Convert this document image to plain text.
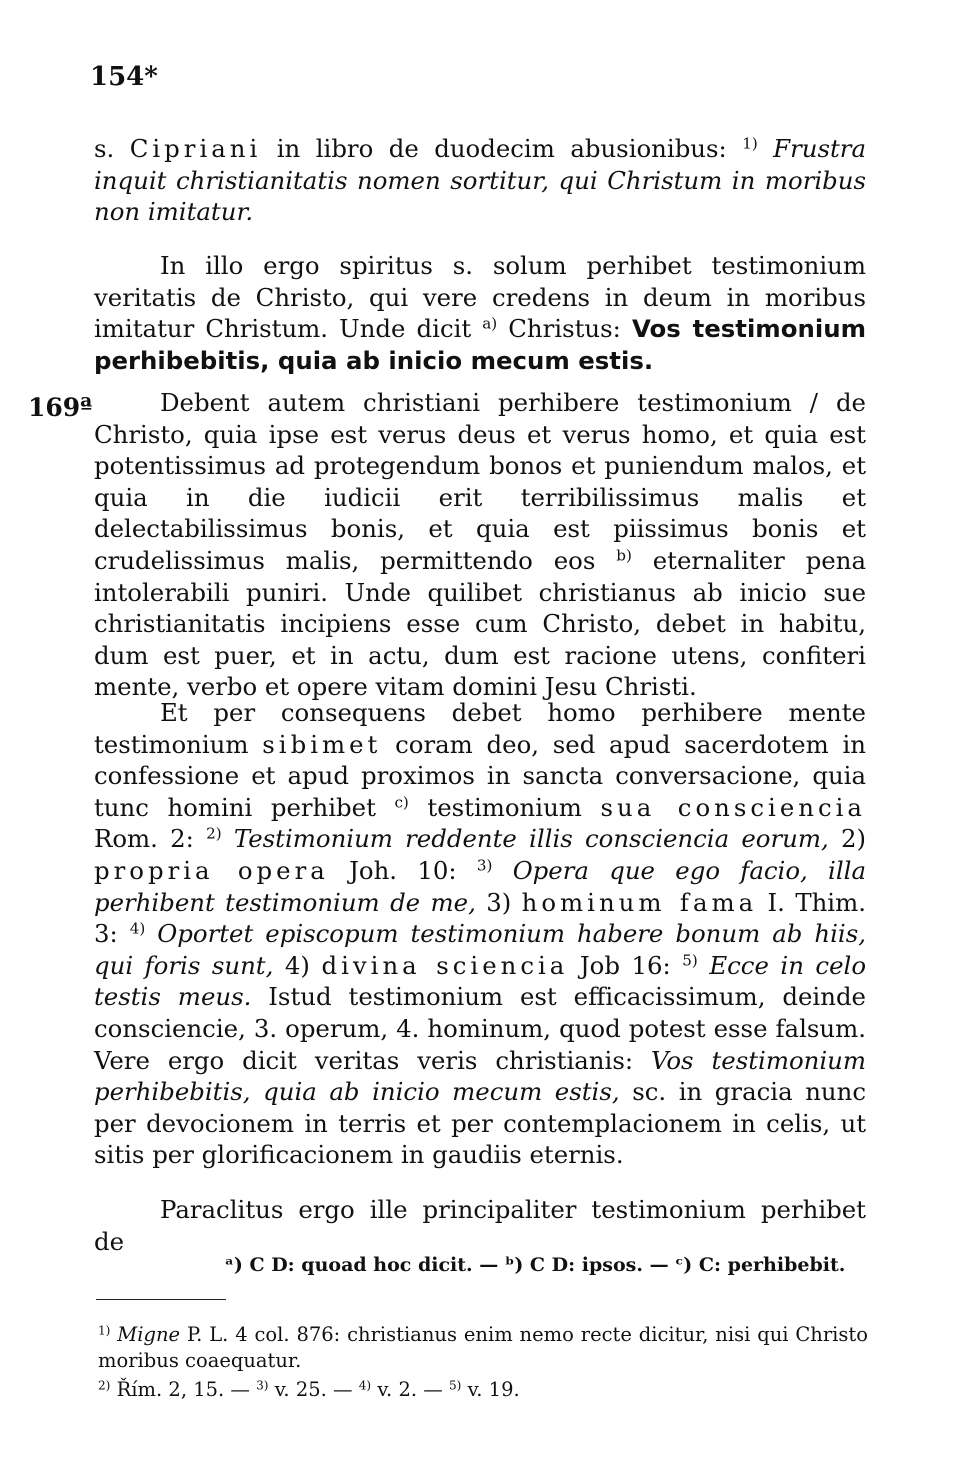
154*
169ª

s. Cipriani in libro de duodecim abusionibus: $^{1)}$ Frustra inquit christianitatis nomen sortitur, qui Christum in moribus non imitatur.

In illo ergo spiritus s. solum perhibet testimonium veritatis de Christo, qui vere credens in deum in moribus imitatur Christum. Unde dicit $^{a)}$ Christus: Vos testimonium perhibebitis, quia ab inicio mecum estis.

Debent autem christiani perhibere testimonium / de Christo, quia ipse est verus deus et verus homo, et quia est potentissimus ad protegendum bonos et puniendum malos, et quia in die iudicii erit terribilissimus malis et delectabilissimus bonis, et quia est piissimus bonis et crudelissimus malis, permittendo eos $^{b)}$ eternaliter pena intolerabili puniri. Unde quilibet christianus ab inicio sue christianitatis incipiens esse cum Christo, debet in habitu, dum est puer, et in actu, dum est racione utens, confiteri mente, verbo et opere vitam domini Jesu Christi.

Et per consequens debet homo perhibere mente testimonium sibimet coram deo, sed apud sacerdotem in confessione et apud proximos in sancta conversacione, quia tunc homini perhibet $^{c)}$ testimonium sua consciencia Rom. 2: $^{2)}$ Testimonium reddente illis consciencia eorum, 2) propria opera Joh. 10: $^{3)}$ Opera que ego facio, illa perhibent testimonium de me, 3) hominum fama I. Thim. 3: $^{4)}$ Oportet episcopum testimonium habere bonum ab hiis, qui foris sunt, 4) divina sciencia Job 16: $^{5)}$ Ecce in celo testis meus. Istud testimonium est efficacissimum, deinde consciencie, 3. operum, 4. hominum, quod potest esse falsum. Vere ergo dicit veritas veris christianis: Vos testimonium perhibebitis, quia ab inicio mecum estis, sc. in gracia nunc per devocionem in terris et per contemplacionem in celis, ut sitis per glorificacionem in gaudiis eternis.

Paraclitus ergo ille principaliter testimonium perhibet de

ᵃ) C D: quoad hoc dicit. — ᵇ) C D: ipsos. — ᶜ) C: perhibebit.

$^{1)}$ Migne P. L. 4 col. 876: christianus enim nemo recte dicitur, nisi qui Christo moribus coaequatur.

$^{2)}$ Řím. 2, 15. — $^{3)}$ v. 25. — $^{4)}$ v. 2. — $^{5)}$ v. 19.
